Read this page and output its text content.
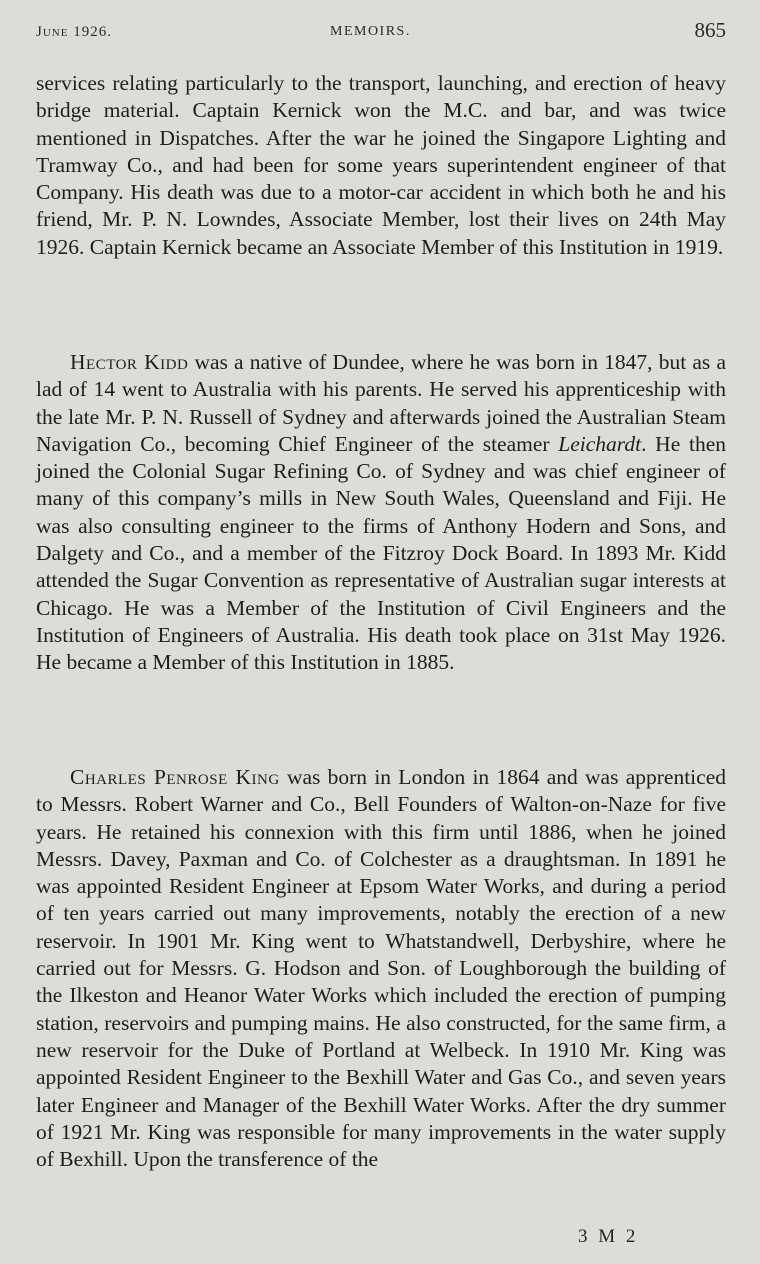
June 1926.	MEMOIRS.	865

services relating particularly to the transport, launching, and erection of heavy bridge material. Captain Kernick won the M.C. and bar, and was twice mentioned in Dispatches. After the war he joined the Singapore Lighting and Tramway Co., and had been for some years superintendent engineer of that Company. His death was due to a motor-car accident in which both he and his friend, Mr. P. N. Lowndes, Associate Member, lost their lives on 24th May 1926. Captain Kernick became an Associate Member of this Institution in 1919.

Hector Kidd was a native of Dundee, where he was born in 1847, but as a lad of 14 went to Australia with his parents. He served his apprenticeship with the late Mr. P. N. Russell of Sydney and afterwards joined the Australian Steam Navigation Co., becoming Chief Engineer of the steamer Leichardt. He then joined the Colonial Sugar Refining Co. of Sydney and was chief engineer of many of this company’s mills in New South Wales, Queensland and Fiji. He was also consulting engineer to the firms of Anthony Hodern and Sons, and Dalgety and Co., and a member of the Fitzroy Dock Board. In 1893 Mr. Kidd attended the Sugar Convention as representative of Australian sugar interests at Chicago. He was a Member of the Institution of Civil Engineers and the Institution of Engineers of Australia. His death took place on 31st May 1926. He became a Member of this Institution in 1885.

Charles Penrose King was born in London in 1864 and was apprenticed to Messrs. Robert Warner and Co., Bell Founders of Walton-on-Naze for five years. He retained his connexion with this firm until 1886, when he joined Messrs. Davey, Paxman and Co. of Colchester as a draughtsman. In 1891 he was appointed Resident Engineer at Epsom Water Works, and during a period of ten years carried out many improvements, notably the erection of a new reservoir. In 1901 Mr. King went to Whatstandwell, Derbyshire, where he carried out for Messrs. G. Hodson and Son. of Loughborough the building of the Ilkeston and Heanor Water Works which included the erection of pumping station, reservoirs and pumping mains. He also constructed, for the same firm, a new reservoir for the Duke of Portland at Welbeck. In 1910 Mr. King was appointed Resident Engineer to the Bexhill Water and Gas Co., and seven years later Engineer and Manager of the Bexhill Water Works. After the dry summer of 1921 Mr. King was responsible for many improvements in the water supply of Bexhill. Upon the transference of the

3 M 2
